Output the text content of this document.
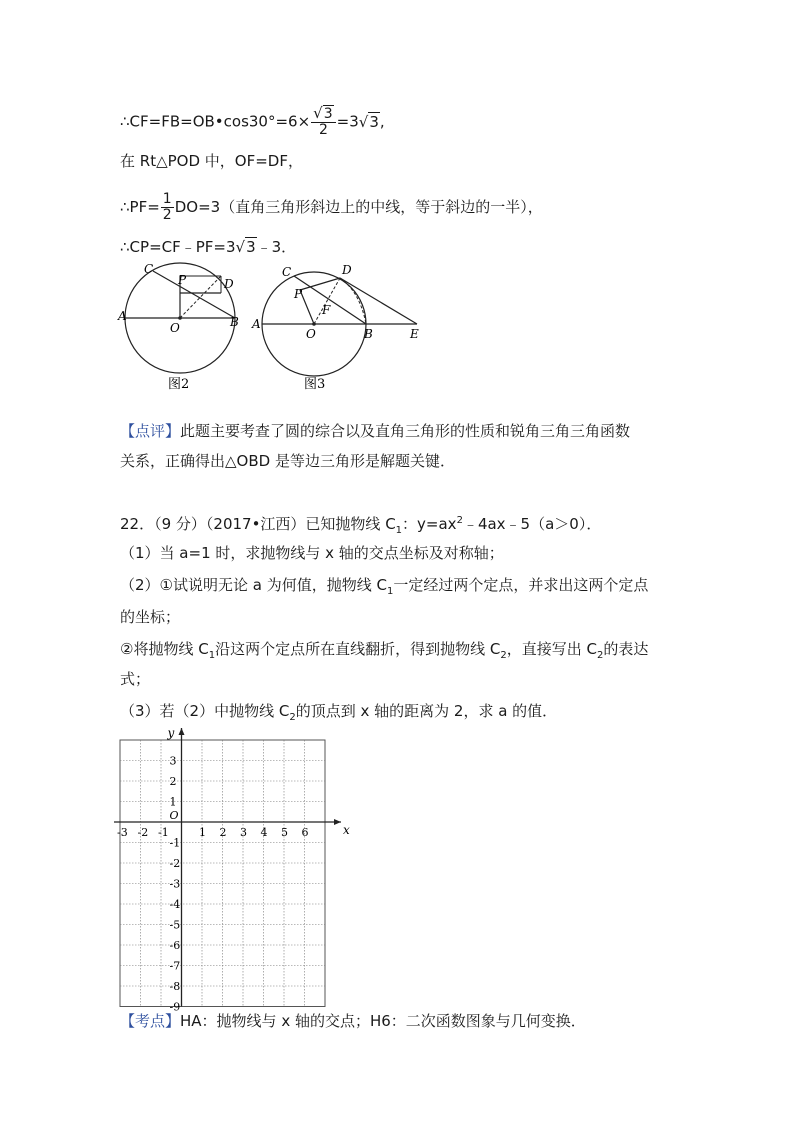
∴CF=FB=OB•cos30°=6× $\frac{√3}{2} =3√3$,
在 Rt△POD 中，OF=DF，
∴PF= $\frac{1}{2} DO=3$（直角三角形斜边上的中线，等于斜边的一半），
∴CP=CF﹣PF=3√3﹣3．
C
P	D
A
O	B
图2
C	D
P
F
A
O	B	E
图3
【点评】此题主要考查了圆的综合以及直角三角形的性质和锐角三角三角函数
关系，正确得出△OBD 是等边三角形是解题关键．
22．（9 分）（2017•江西）已知抛物线 $C_1$：$y=ax^2﹣4ax﹣5(a>0)$．
（1）当 a=1 时，求抛物线与 x 轴的交点坐标及对称轴；
（2）①试说明无论 a 为何值，抛物线 $C_1$一定经过两个定点，并求出这两个定点
的坐标；
②将抛物线 $C_1$沿这两个定点所在直线翻折，得到抛物线 $C_2$，直接写出 $C_2$的表达
式；
（3）若（2）中抛物线 $C_2$的顶点到 x 轴的距离为 2，求 a 的值．
-3 -2 -1	1 2 3 4 5 6
3
2
1
-1
-2
-3
-4
-5
-6
-7
-8
-9
O
x
y
【考点】HA：抛物线与 x 轴的交点；H6：二次函数图象与几何变换．
